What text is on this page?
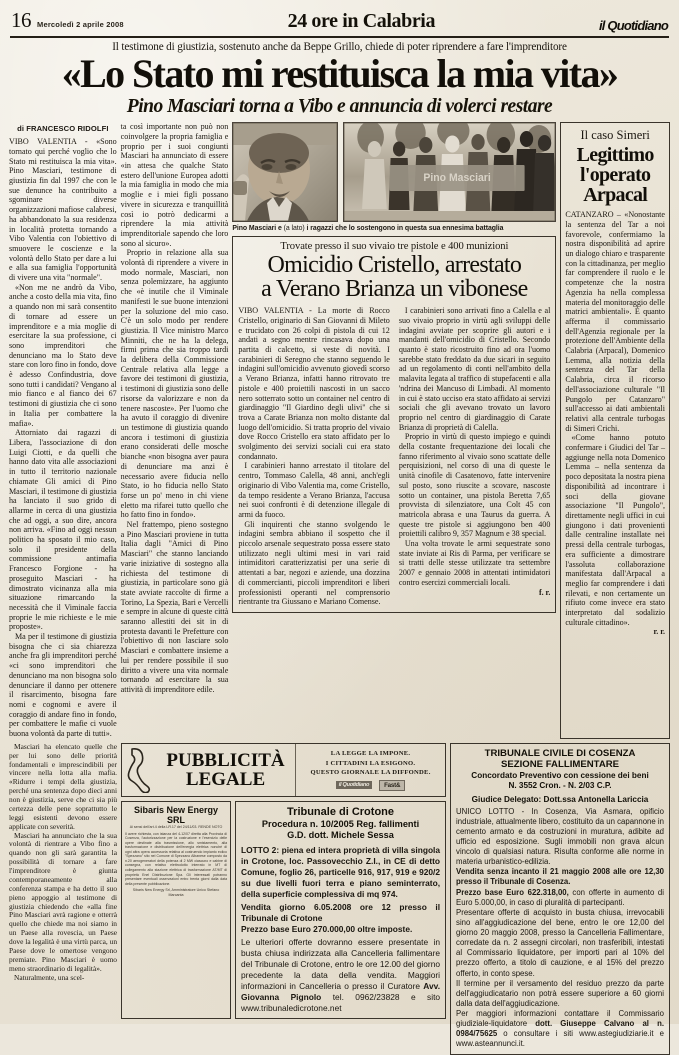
16 Mercoledì 2 aprile 2008	24 ore in Calabria	il Quotidiano
Il testimone di giustizia, sostenuto anche da Beppe Grillo, chiede di poter riprendere a fare l'imprenditore
«Lo Stato mi restituisca la mia vita»
Pino Masciari torna a Vibo e annuncia di volerci restare
di FRANCESCO RIDOLFI

VIBO VALENTIA - «Sono tornato qui perché voglio che lo Stato mi restituisca la mia vita». Pino Masciari, testimone di giustizia fin dal 1997 che con le sue denunce ha contribuito a sgominare diverse organizzazioni mafiose calabresi, ha abbandonato la sua residenza in località protetta tornando a Vibo Valentia con l'obiettivo di smuovere le coscienze e la volontà dello Stato per dare a lui e alla sua famiglia l'opportunità di vivere una vita "normale".

«Non me ne andrò da Vibo, anche a costo della mia vita, fino a quando non mi sarà consentito di tornare ad essere un imprenditore e a mia moglie di esercitare la sua professione, ci sono imprenditori che denunciano ma lo Stato deve stare con loro fino in fondo, dove è adesso Confindustria, dove sono tutti i candidati? Vengano al mio fianco e al fianco dei 67 testimoni di giustizia che ci sono in Italia per combattere la mafia».

Attorniato dai ragazzi di Libera, l'associazione di don Luigi Ciotti, e da quelli che hanno dato vita alle associazioni in tutto il territorio nazionale chiamate Gli amici di Pino Masciari, il testimone di giustizia ha lanciato il suo grido di allarme in cerca di una giustizia che ad oggi, a suo dire, ancora non arriva. «Fino ad oggi nessun politico ha sposato il mio caso, solo il presidente della commissione antimafia Francesco Forgione - ha proseguito Masciari - ha dimostrato vicinanza alla mia situazione rimarcando la necessità che il Viminale faccia proprie le mie richieste e le mie proposte».

Ma per il testimone di giustizia bisogna che ci sia chiarezza anche fra gli imprenditori perché «ci sono imprenditori che denunciano ma non bisogna solo denunciare il danno per ottenere il risarcimento, bisogna fare nomi e cognomi e avere il coraggio di andare fino in fondo, per combattere le mafie ci vuole buona volontà da parte di tutti».

ta così importante non può non coinvolgere la propria famiglia e proprio per i suoi congiunti Masciari ha annunciato di essere «in attesa che qualche Stato estero dell'unione Europea adotti la mia famiglia in modo che mia moglie e i miei figli possano vivere in sicurezza e tranquillità così io potrò dedicarmi a riprendere la mia attività imprenditoriale sapendo che loro sono al sicuro».

Proprio in relazione alla sua volontà di riprendere a vivere in modo normale, Masciari, non senza polemizzare, ha aggiunto che «è inutile che il Viminale manifesti le sue buone intenzioni per la soluzione del mio caso. C'è un solo modo per rendere giustizia. Il Vice ministro Marco Minniti, che ne ha la delega, firmi prima che sia troppo tardi la delibera della Commissione Centrale relativa alla legge a favore dei testimoni di giustizia, i testimoni di giustizia sono delle risorse da valorizzare e non da tenere nascoste». Per l'uomo che ha avuto il coraggio di divenire un testimone di giustizia quando ancora i testimoni di giustizia erano considerati delle mosche bianche «non bisogna aver paura di denunciare ma anzi è necessario avere fiducia nello Stato, io ho fiducia nello Stato forse un po' meno in chi viene eletto ma rifarei tutto quello che ho fatto fino in fondo».

Nel frattempo, pieno sostegno a Pino Masciari proviene in tutta Italia dagli "Amici di Pino Masciari" che stanno lanciando varie iniziative di sostegno alla richiesta del testimone di giustizia, in particolare sono già state avviate raccolte di firme a Torino, La Spezia, Bari e Vercelli e sempre in alcune di queste città saranno allestiti dei sit in di protesta davanti le Prefetture con l'obiettivo di non lasciare solo Masciari e combattere insieme a lui per rendere possibile il suo diritto a vivere una vita normale tornando ad esercitare la sua attività di imprenditore edile.

Pino Masciari
Pino Masciari e (a lato) i ragazzi che lo sostengono in questa sua ennesima battaglia
Trovate presso il suo vivaio tre pistole e 400 munizioni
Omicidio Cristello, arrestato
a Verano Brianza un vibonese

VIBO VALENTIA - La morte di Rocco Cristello, originario di San Giovanni di Mileto e trucidato con 26 colpi di pistola di cui 12 andati a segno mentre rincasava dopo una partita di calcetto, si veste di novità. I carabinieri di Seregno che stanno seguendo le indagini sull'omicidio avvenuto giovedì scorso a Verano Brianza, infatti hanno ritrovato tre pistole e 400 proiettili nascosti in un sacco nero sotterrato sotto un container nel centro di giardinaggio "Il Giardino degli ulivi" che si trova a Carate Brianza non molto distante dal luogo dell'omicidio. Si tratta proprio del vivaio dove Rocco Cristello era stato affidato per lo svolgimento dei servizi sociali cui era stato condannato.

I carabinieri hanno arrestato il titolare del centro, Tommaso Calella, 48 anni, anch'egli originario di Vibo Valentia ma, come Cristello, da tempo residente a Verano Brianza, l'accusa nei suoi confronti è di detenzione illegale di armi da fuoco.

Gli inquirenti che stanno svolgendo le indagini sembra abbiano il sospetto che il piccolo arsenale sequestrato possa essere stato utilizzato negli ultimi mesi in vari raid intimiditori caratterizzatisi per una serie di attentati a bar, negozi e aziende, una dozzina di commercianti, piccoli imprenditori e liberi professionisti operanti nel comprensorio rientrante tra Giussano e Mariano Comense.

I carabinieri sono arrivati fino a Calella e al suo vivaio proprio in virtù agli sviluppi delle indagini avviate per scoprire gli autori e i mandanti dell'omicidio di Cristello. Secondo quanto è stato ricostruito fino ad ora l'uomo sarebbe stato freddato da due sicari in seguito ad un regolamento di conti nell'ambito della malavita legata al traffico di stupefacenti e alla 'ndrina dei Mancuso di Limbadi. Al momento in cui è stato ucciso era stato affidato ai servizi sociali che gli avevano trovato un lavoro proprio nel centro di giardinaggio di Carate Brianza di proprietà di Calella.

Proprio in virtù di questo impiego e quindi della costante frequentazione dei locali che fanno riferimento al vivaio sono scattate delle perquisizioni, nel corso di una di queste le unità cinofile di Casatenovo, fatte intervenire sul posto, sono riuscite a scovare, nascoste sotto un container, una pistola Beretta 7,65 provvista di silenziatore, una Colt 45 con matricola abrasa e una Taurus da guerra. A queste tre pistole si aggiungono ben 400 proiettili calibro 9, 357 Magnum e 38 special.

Una volta trovate le armi sequestrate sono state inviate ai Ris di Parma, per verificare se si tratti delle stesse utilizzate tra settembre 2007 e gennaio 2008 in attentati intimidatori contro esercizi commerciali locali.

f. r.

Il caso Simeri
Legittimo
l'operato
Arpacal

CATANZARO – «Nonostante la sentenza del Tar a noi favorevole, confermiamo la nostra disponibilità ad aprire un dialogo chiaro e trasparente con la cittadinanza, per meglio far comprendere il ruolo e le competenze che la nostra Agenzia ha nella complessa materia del monitoraggio delle matrici ambientali». È quanto afferma il commissario dell'Agenzia regionale per la protezione dell'Ambiente della Calabria (Arpacal), Domenico Lemma, alla notizia della sentenza del Tar della Calabria, circa il ricorso dell'associazione culturale "Il Pungolo per Catanzaro" sull'accesso ai dati ambientali relativi alla centrale turbogas di Simeri Crichi.

«Come hanno potuto confermare i Giudici del Tar – aggiunge nella nota Domenico Lemma – nella sentenza da poco depositata la nostra piena disponibilità ad incontrare i soci della giovane associazione "Il Pungolo", direttamente negli uffici in cui giungono i dati provenienti dalle centraline installate nei pressi della centrale turbogas, era sufficiente a dimostrare l'assoluta collaborazione manifestata dall'Arpacal a meglio far comprendere i dati rilevati, e non certamente un rifiuto come invece era stato interpretato dal sodalizio culturale cittadino».

r. r.

Masciari ha elencato quelle che per lui sono delle priorità fondamentali e imprescindibili per vincere nella lotta alla mafia. «Ridurre i tempi della giustizia, perché una sentenza dopo dieci anni non è giustizia, serve che ci sia più certezza delle pene soprattutto le leggi esistenti devono essere applicate con severità.

Masciari ha annunciato che la sua volontà di rientrare a Vibo fino a quando non gli sarà garantita la possibilità di tornare a fare l'imprenditore è giunta contemporaneamente alla conferenza stampa e ha detto il suo pieno appoggio al testimone di giustizia chiedendo che «alla fine Pino Masciari avrà ragione e otterrà quello che chiede ma noi siamo in un Paese alla rovescia, un Paese dove la legalità è una virtù parca, un Paese dove le omertose vengono premiate. Pino Masciari è uomo meno straordinario di legalità».

Naturalmente, una scel-

PUBBLICITÀ
LEGALE
LA LEGGE LA IMPONE.
I CITTADINI LA ESIGONO.
QUESTO GIORNALE LA DIFFONDE.
il Quotidiano	Fast&
Sibaris New Energy SRL
Ai sensi dell'art.4 della LR.17 del 24/11/03. RENDE NOTO
Il avere richiesta, con istanza del 4-12/07 diretta alla Provincia di Cosenza, l'autorizzazione per la costruzione e l'esercizio delle opere destinate alla trasmissione, allo smistamento, alla trasformazione e distribuzione dell'energia elettrica nonché di ogni altra opera accessoria relativa al costruendo impianto eolico "Spezzano" sito nel Comune di Spezzano Albanese composto da n.20 aerogeneratori della potenza di 2 MW ciascuno e cabine di consegna, con relativo elettrodotto interrato in MT di collegamento alla stazione elettrica di trasformazione AT/MT di proprietà Enel Distribuzione Spa. Gli interessati potranno presentare eventuali osservazioni entro trenta giorni dalla data della presente pubblicazione.
Sibaris New Energy Srl, Amministratore Unico Stefano Marcanta
Tribunale di Crotone
Procedura n. 10/2005 Reg. fallimenti
G.D. dott. Michele Sessa
LOTTO 2: piena ed intera proprietà di villa singola in Crotone, loc. Passovecchio Z.I., in CE di detto Comune, foglio 26, particelle 916, 917, 919 e 920/2 su due livelli fuori terra e piano seminterrato, della superficie complessiva di mq 974.
Vendita giorno 6.05.2008 ore 12 presso il Tribunale di Crotone
Prezzo base Euro 270.000,00 oltre imposte.
Le ulteriori offerte dovranno essere presentate in busta chiusa indirizzata alla Cancelleria fallimentare del Tribunale di Crotone, entro le ore 12.00 del giorno precedente la data della vendita. Maggiori informazioni in Cancelleria o presso il Curatore Avv. Giovanna Pignolo tel. 0962/23828 e sito www.tribunaledicrotone.net
TRIBUNALE CIVILE DI COSENZA
SEZIONE FALLIMENTARE
Concordato Preventivo con cessione dei beni
N. 3552 Cron. - N. 2/03 C.P.
Giudice Delegato: Dott.ssa Antonella Lariccia
UNICO LOTTO - In Cosenza, Via Asmara, opificio industriale, attualmente libero, costituito da un capannone in cemento armato e da costruzioni in muratura, adibite ad ufficio ed esposizione. Sugli immobili non grava alcun vincolo di qualsiasi natura. Risulta conforme alle norme in materia urbanistico-edilizia.
Vendita senza incanto il 21 maggio 2008 alle ore 12,30 presso il Tribunale di Cosenza.
Prezzo base Euro 622.318,00, con offerte in aumento di Euro 5.000,00, in caso di pluralità di partecipanti.
Presentare offerte di acquisto in busta chiusa, irrevocabili sino all'aggiudicazione del bene, entro le ore 12,00 del giorno 20 maggio 2008, presso la Cancelleria Fallimentare, corredate da n. 2 assegni circolari, non trasferibili, intestati al Commissario liquidatore, per importi pari al 10% del prezzo offerto, a titolo di cauzione, e al 15% del prezzo offerto, in conto spese.
Il termine per il versamento del residuo prezzo da parte dell'aggiudicatario non potrà essere superiore a 60 giorni dalla data dell'aggiudicazione.
Per maggiori informazioni contattare il Commissario giudiziale-liquidatore dott. Giuseppe Calvano al n. 0984/75625 o consultare i siti www.astegiudiziarie.it e www.asteannunci.it.
